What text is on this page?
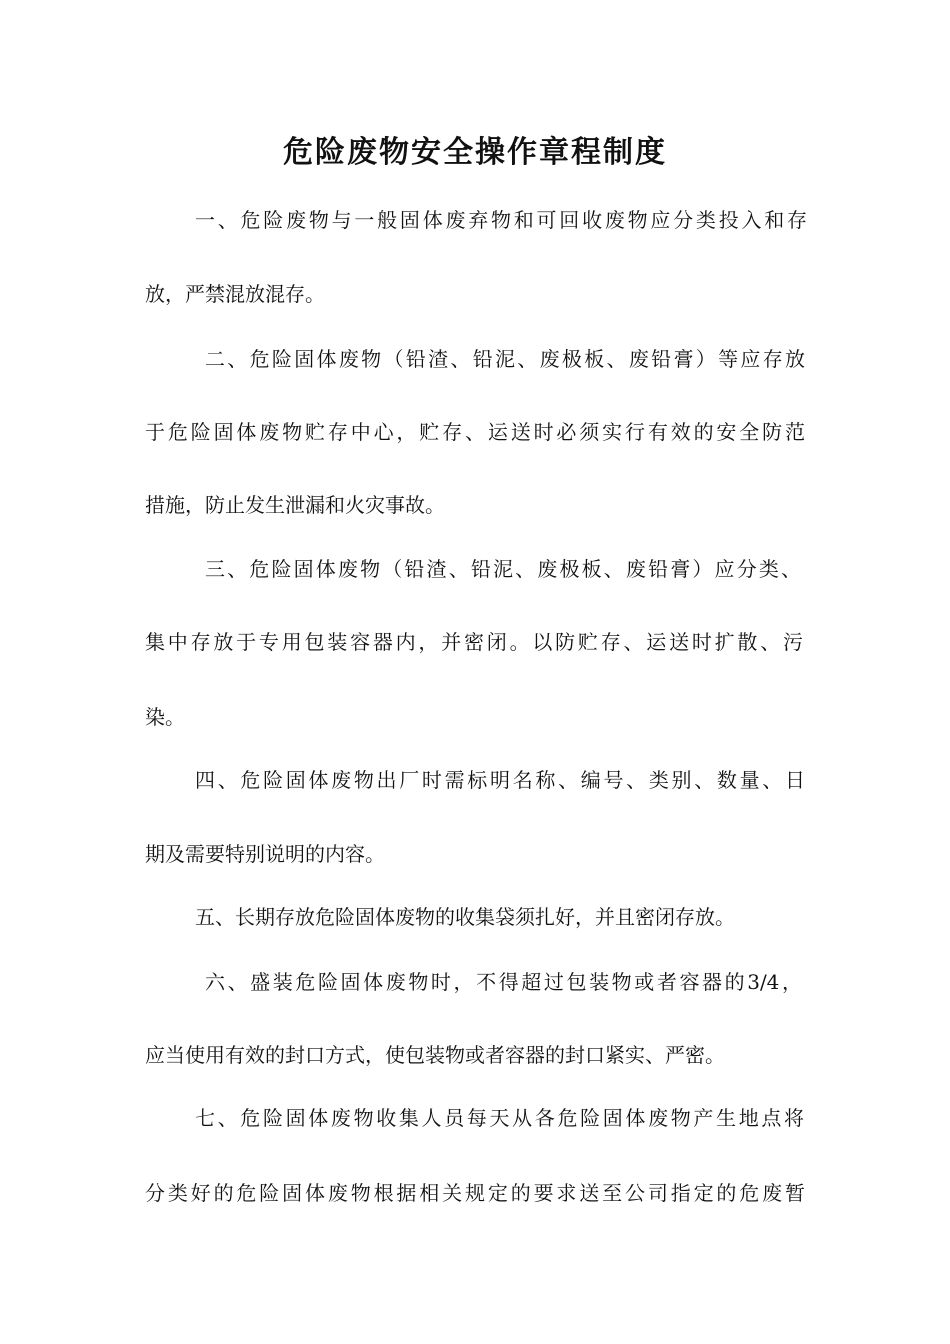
危险废物安全操作章程制度
一、危险废物与一般固体废弃物和可回收废物应分类投入和存
放，严禁混放混存。
二、危险固体废物（铅渣、铅泥、废极板、废铅膏）等应存放
于危险固体废物贮存中心，贮存、运送时必须实行有效的安全防范
措施，防止发生泄漏和火灾事故。
三、危险固体废物（铅渣、铅泥、废极板、废铅膏）应分类、
集中存放于专用包装容器内，并密闭。以防贮存、运送时扩散、污
染。
四、危险固体废物出厂时需标明名称、编号、类别、数量、日
期及需要特别说明的内容。
五、长期存放危险固体废物的收集袋须扎好，并且密闭存放。
六、盛装危险固体废物时，不得超过包装物或者容器的3/4，
应当使用有效的封口方式，使包装物或者容器的封口紧实、严密。
七、危险固体废物收集人员每天从各危险固体废物产生地点将
分类好的危险固体废物根据相关规定的要求送至公司指定的危废暂
